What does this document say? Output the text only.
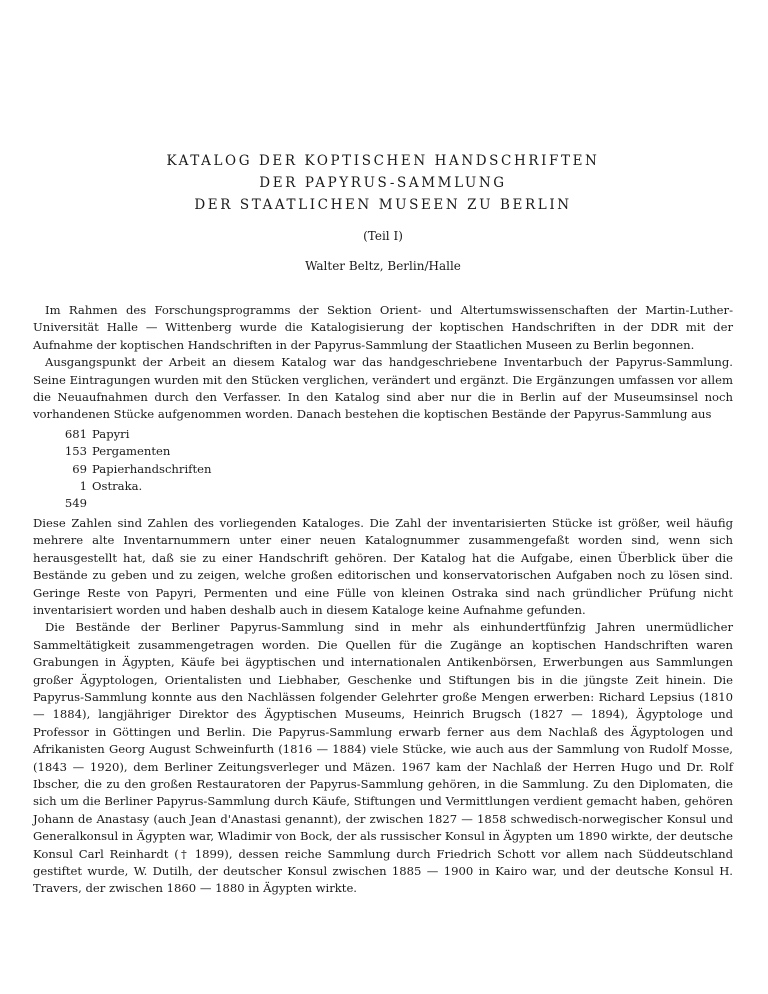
KATALOG DER KOPTISCHEN HANDSCHRIFTEN
DER PAPYRUS-SAMMLUNG
DER STAATLICHEN MUSEEN ZU BERLIN
(Teil I)
Walter Beltz, Berlin/Halle

Im Rahmen des Forschungsprogramms der Sektion Orient- und Altertumswissenschaften der Martin-Luther-Universität Halle — Wittenberg wurde die Katalogisierung der koptischen Handschriften in der DDR mit der Aufnahme der koptischen Handschriften in der Papyrus-Sammlung der Staatlichen Museen zu Berlin begonnen.

Ausgangspunkt der Arbeit an diesem Katalog war das handgeschriebene Inventarbuch der Papyrus-Sammlung. Seine Eintragungen wurden mit den Stücken verglichen, verändert und ergänzt. Die Ergänzungen umfassen vor allem die Neuaufnahmen durch den Verfasser. In den Katalog sind aber nur die in Berlin auf der Museumsinsel noch vorhandenen Stücke aufgenommen worden. Danach bestehen die koptischen Bestände der Papyrus-Sammlung aus

681 Papyri
153 Pergamenten
69 Papierhandschriften
1 549
Ostraka.

Diese Zahlen sind Zahlen des vorliegenden Kataloges. Die Zahl der inventarisierten Stücke ist größer, weil häufig mehrere alte Inventarnummern unter einer neuen Katalognummer zusammengefaßt worden sind, wenn sich herausgestellt hat, daß sie zu einer Handschrift gehören. Der Katalog hat die Aufgabe, einen Überblick über die Bestände zu geben und zu zeigen, welche großen editorischen und konservatorischen Aufgaben noch zu lösen sind. Geringe Reste von Papyri, Permenten und eine Fülle von kleinen Ostraka sind nach gründlicher Prüfung nicht inventarisiert worden und haben deshalb auch in diesem Kataloge keine Aufnahme gefunden.

Die Bestände der Berliner Papyrus-Sammlung sind in mehr als einhundertfünfzig Jahren unermüdlicher Sammeltätigkeit zusammengetragen worden. Die Quellen für die Zugänge an koptischen Handschriften waren Grabungen in Ägypten, Käufe bei ägyptischen und internationalen Antikenbörsen, Erwerbungen aus Sammlungen großer Ägyptologen, Orientalisten und Liebhaber, Geschenke und Stiftungen bis in die jüngste Zeit hinein. Die Papyrus-Sammlung konnte aus den Nachlässen folgender Gelehrter große Mengen erwerben: Richard Lepsius (1810 — 1884), langjähriger Direktor des Ägyptischen Museums, Heinrich Brugsch (1827 — 1894), Ägyptologe und Professor in Göttingen und Berlin. Die Papyrus-Sammlung erwarb ferner aus dem Nachlaß des Ägyptologen und Afrikanisten Georg August Schweinfurth (1816 — 1884) viele Stücke, wie auch aus der Sammlung von Rudolf Mosse, (1843 — 1920), dem Berliner Zeitungsverleger und Mäzen. 1967 kam der Nachlaß der Herren Hugo und Dr. Rolf Ibscher, die zu den großen Restauratoren der Papyrus-Sammlung gehören, in die Sammlung. Zu den Diplomaten, die sich um die Berliner Papyrus-Sammlung durch Käufe, Stiftungen und Vermittlungen verdient gemacht haben, gehören Johann de Anastasy (auch Jean d'Anastasi genannt), der zwischen 1827 — 1858 schwedisch-norwegischer Konsul und Generalkonsul in Ägypten war, Wladimir von Bock, der als russischer Konsul in Ägypten um 1890 wirkte, der deutsche Konsul Carl Reinhardt († 1899), dessen reiche Sammlung durch Friedrich Schott vor allem nach Süddeutschland gestiftet wurde, W. Dutilh, der deutscher Konsul zwischen 1885 — 1900 in Kairo war, und der deutsche Konsul H. Travers, der zwischen 1860 — 1880 in Ägypten wirkte.
